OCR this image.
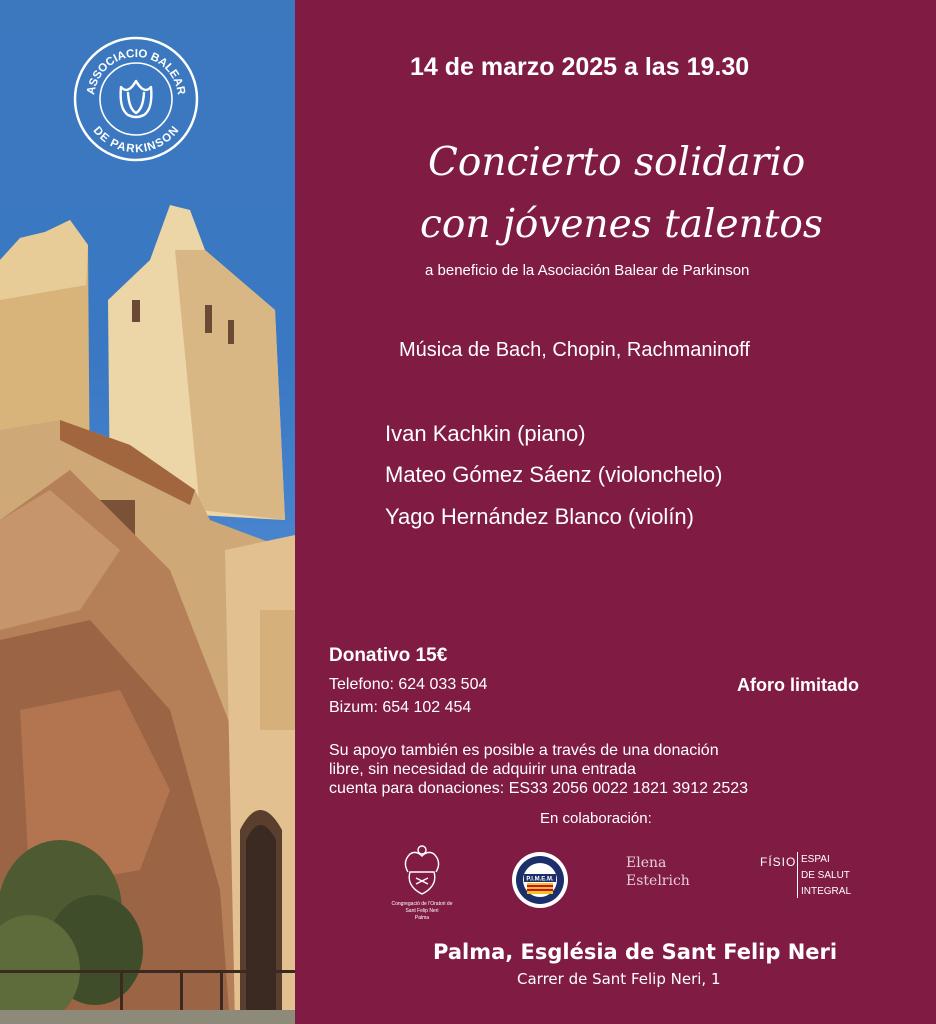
ASSOCIACIO BALEAR
DE PARKINSON
14 de marzo 2025 a las 19.30
Concierto solidario
con jóvenes talentos
a beneficio de la Asociación Balear de Parkinson
Música de Bach, Chopin, Rachmaninoff
Ivan Kachkin (piano)
Mateo Gómez Sáenz (violonchelo)
Yago Hernández Blanco (violín)
Donativo 15€
Telefono: 624 033 504
Bizum: 654 102 454
Aforo limitado
Su apoyo también es posible a través de una donación
libre, sin necesidad de adquirir una entrada
cuenta para donaciones: ES33 2056 0022 1821 3912 2523
En colaboración:
Congregació de l'Oratori de
Sant Felip Neri
Palma
P.I.M.E.M.
Elena
Estelrich
FÍSIO ESPAI
DE SALUT
INTEGRAL
Palma, Església de Sant Felip Neri
Carrer de Sant Felip Neri, 1
